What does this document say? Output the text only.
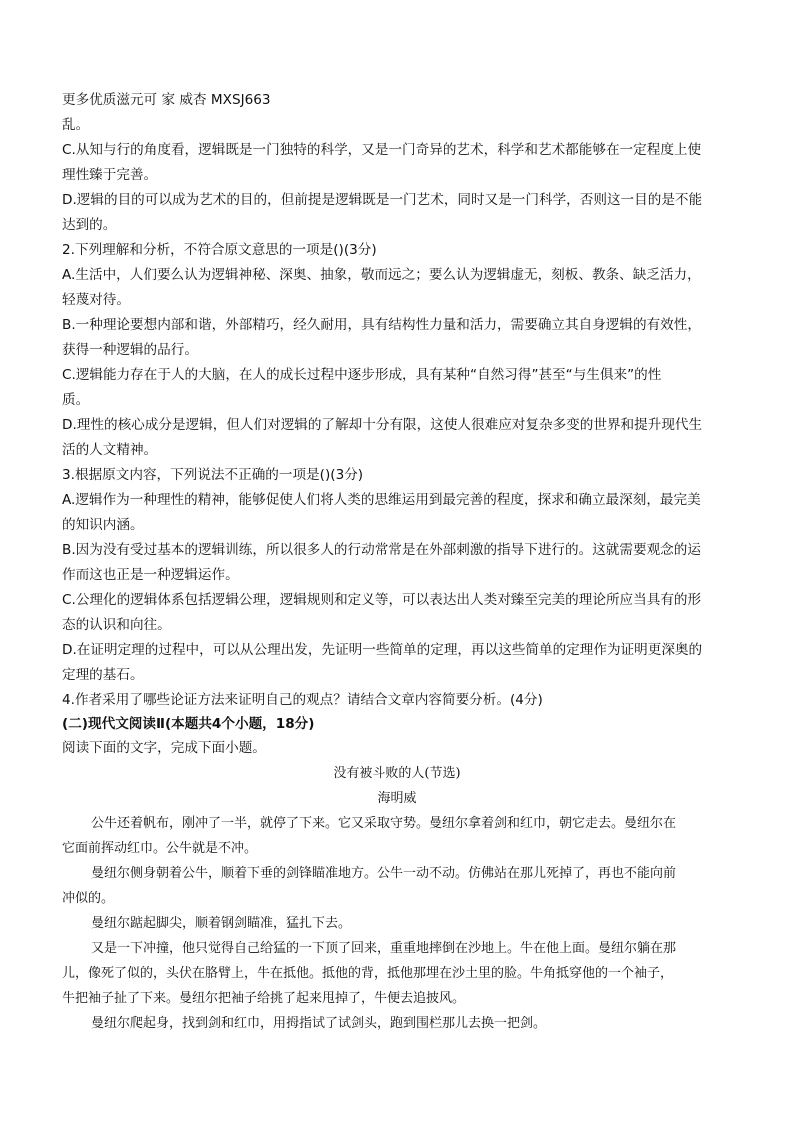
更多优质滋元可 家 威杏 MXSJ663
乱。
C.从知与行的角度看，逻辑既是一门独特的科学，又是一门奇异的艺术，科学和艺术都能够在一定程度上使
理性臻于完善。
D.逻辑的目的可以成为艺术的目的，但前提是逻辑既是一门艺术，同时又是一门科学，否则这一目的是不能
达到的。
2.下列理解和分析，不符合原文意思的一项是()(3分)
A.生活中，人们要么认为逻辑神秘、深奥、抽象，敬而远之；要么认为逻辑虚无，刻板、教条、缺乏活力，
轻蔑对待。
B.一种理论要想内部和谐，外部精巧，经久耐用，具有结构性力量和活力，需要确立其自身逻辑的有效性，
获得一种逻辑的品行。
C.逻辑能力存在于人的大脑，在人的成长过程中逐步形成，具有某种“自然习得”甚至“与生俱来”的性
质。
D.理性的核心成分是逻辑，但人们对逻辑的了解却十分有限，这使人很难应对复杂多变的世界和提升现代生
活的人文精神。
3.根据原文内容，下列说法不正确的一项是()(3分)
A.逻辑作为一种理性的精神，能够促使人们将人类的思维运用到最完善的程度，探求和确立最深刻，最完美
的知识内涵。
B.因为没有受过基本的逻辑训练，所以很多人的行动常常是在外部刺激的指导下进行的。这就需要观念的运
作而这也正是一种逻辑运作。
C.公理化的逻辑体系包括逻辑公理，逻辑规则和定义等，可以表达出人类对臻至完美的理论所应当具有的形
态的认识和向往。
D.在证明定理的过程中，可以从公理出发，先证明一些简单的定理，再以这些简单的定理作为证明更深奥的
定理的基石。
4.作者采用了哪些论证方法来证明自己的观点？请结合文章内容简要分析。(4分)
(二)现代文阅读Ⅱ(本题共4个小题，18分)
阅读下面的文字，完成下面小题。
没有被斗败的人(节选)
海明威
公牛还着帆布，刚冲了一半，就停了下来。它又采取守势。曼纽尔拿着剑和红巾，朝它走去。曼纽尔在
它面前挥动红巾。公牛就是不冲。
曼纽尔侧身朝着公牛，顺着下垂的剑锋瞄准地方。公牛一动不动。仿佛站在那儿死掉了，再也不能向前
冲似的。
曼纽尔踮起脚尖，顺着钢剑瞄准，猛扎下去。
又是一下冲撞，他只觉得自己给猛的一下顶了回来，重重地摔倒在沙地上。牛在他上面。曼纽尔躺在那
儿，像死了似的，头伏在胳臂上，牛在抵他。抵他的背，抵他那埋在沙土里的脸。牛角抵穿他的一个袖子，
牛把袖子扯了下来。曼纽尔把袖子给挑了起来甩掉了，牛便去追披风。
曼纽尔爬起身，找到剑和红巾，用拇指试了试剑头，跑到围栏那儿去换一把剑。
